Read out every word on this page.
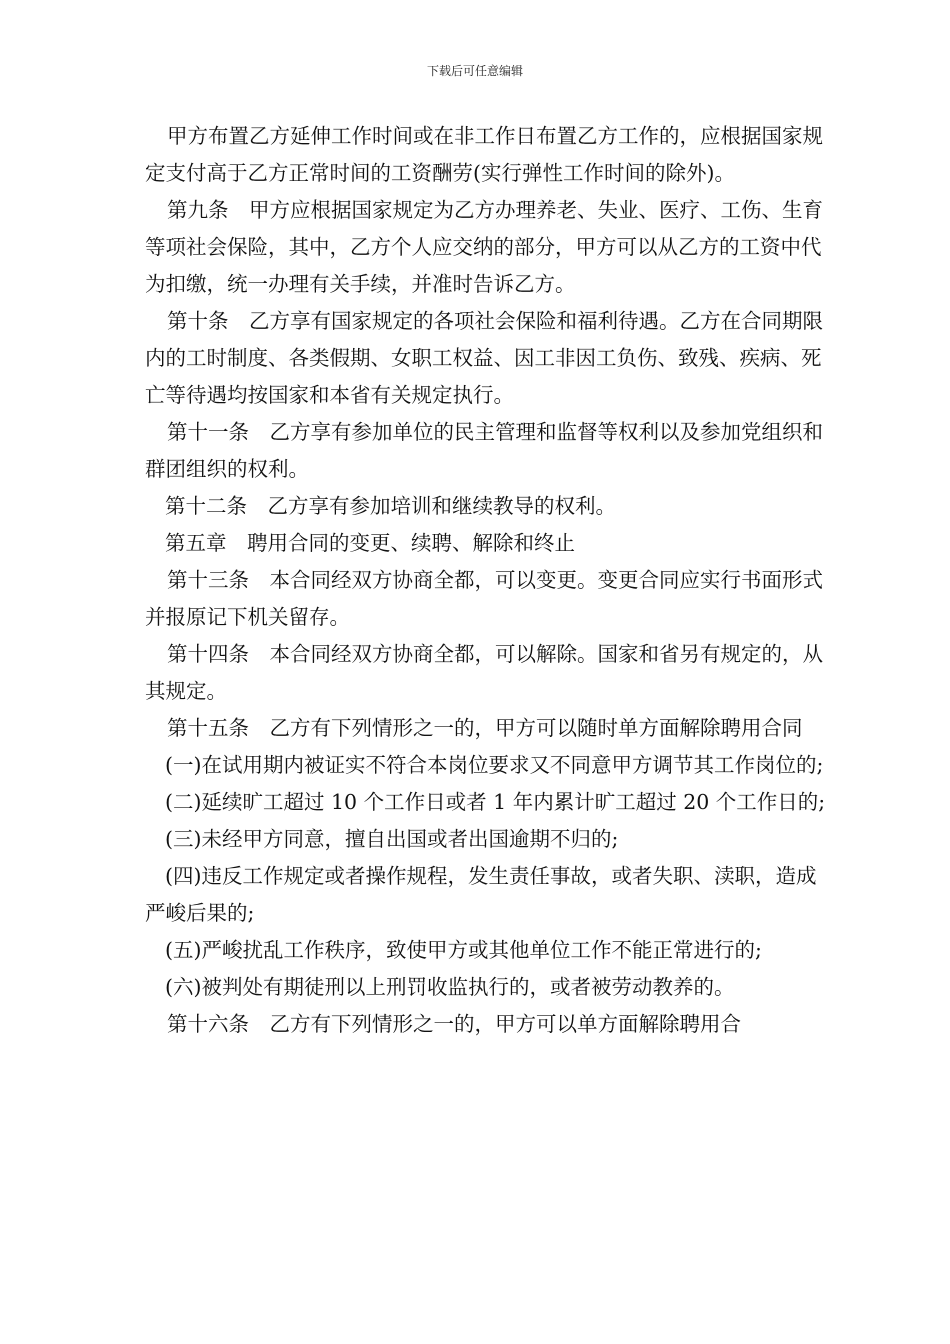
下载后可任意编辑

甲方布置乙方延伸工作时间或在非工作日布置乙方工作的，应根据国家规定支付高于乙方正常时间的工资酬劳(实行弹性工作时间的除外)。

第九条　甲方应根据国家规定为乙方办理养老、失业、医疗、工伤、生育等项社会保险，其中，乙方个人应交纳的部分，甲方可以从乙方的工资中代为扣缴，统一办理有关手续，并准时告诉乙方。

第十条　乙方享有国家规定的各项社会保险和福利待遇。乙方在合同期限内的工时制度、各类假期、女职工权益、因工非因工负伤、致残、疾病、死亡等待遇均按国家和本省有关规定执行。

第十一条　乙方享有参加单位的民主管理和监督等权利以及参加党组织和群团组织的权利。

第十二条　乙方享有参加培训和继续教导的权利。

第五章　聘用合同的变更、续聘、解除和终止

第十三条　本合同经双方协商全都，可以变更。变更合同应实行书面形式并报原记下机关留存。

第十四条　本合同经双方协商全都，可以解除。国家和省另有规定的，从其规定。

第十五条　乙方有下列情形之一的，甲方可以随时单方面解除聘用合同

(一)在试用期内被证实不符合本岗位要求又不同意甲方调节其工作岗位的;

(二)延续旷工超过 10 个工作日或者 1 年内累计旷工超过 20 个工作日的;

(三)未经甲方同意，擅自出国或者出国逾期不归的;

(四)违反工作规定或者操作规程，发生责任事故，或者失职、渎职，造成严峻后果的;

(五)严峻扰乱工作秩序，致使甲方或其他单位工作不能正常进行的;

(六)被判处有期徒刑以上刑罚收监执行的，或者被劳动教养的。

第十六条　乙方有下列情形之一的，甲方可以单方面解除聘用合
